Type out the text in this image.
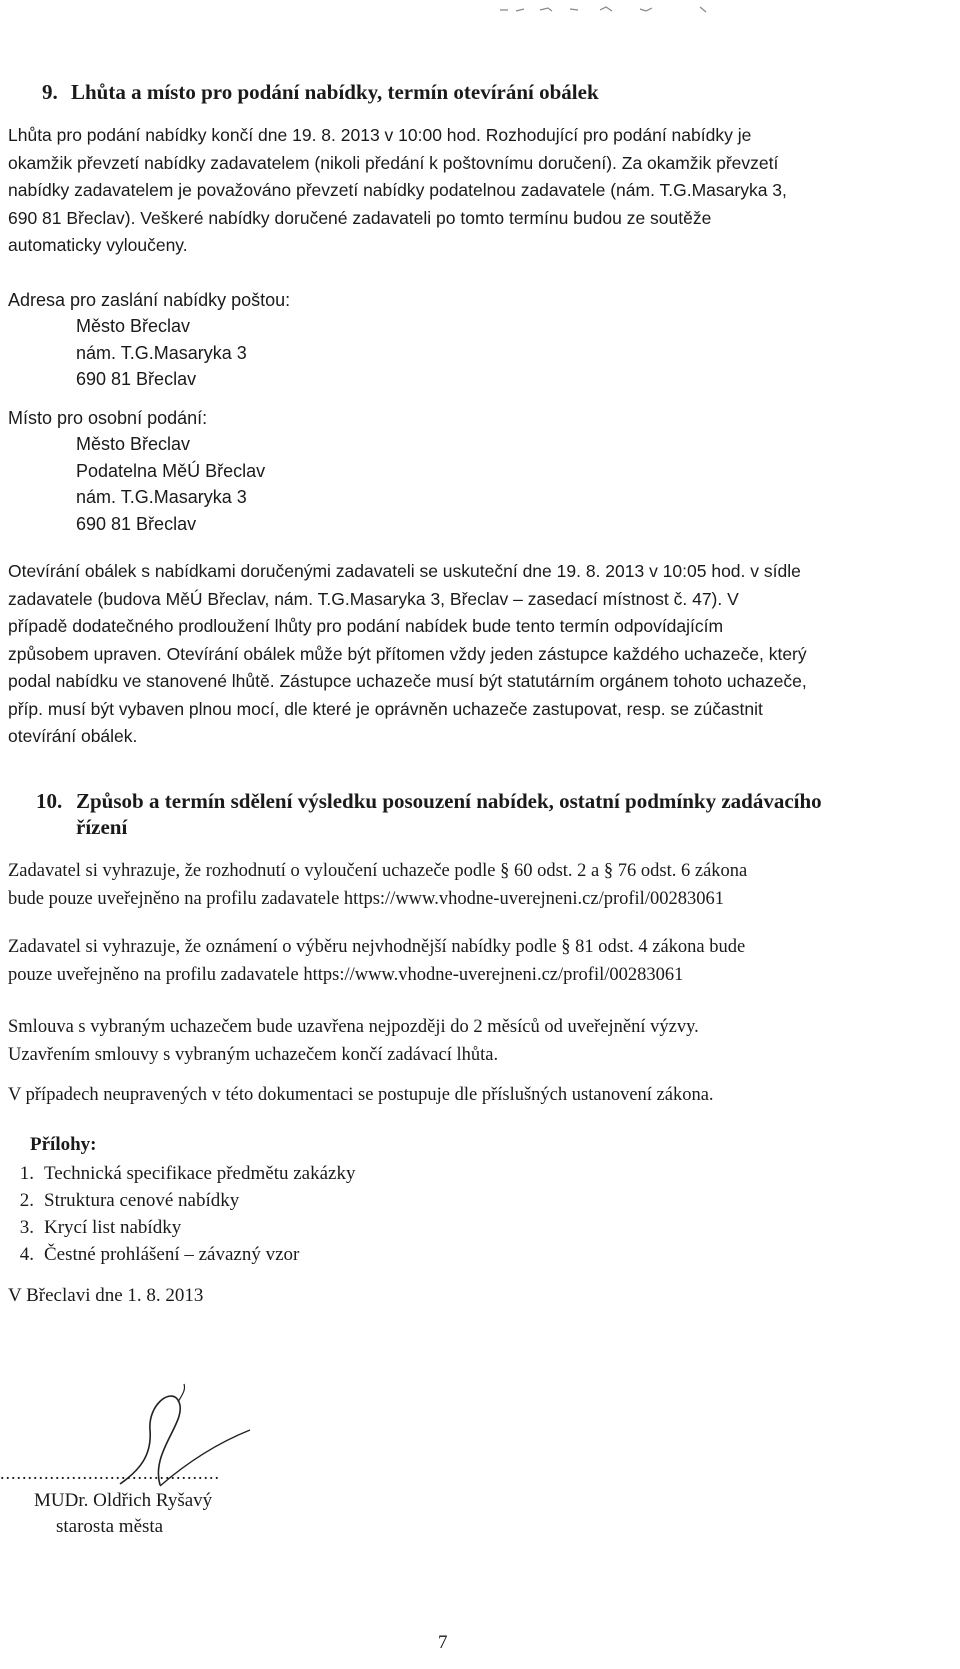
9. Lhůta a místo pro podání nabídky, termín otevírání obálek
Lhůta pro podání nabídky končí dne 19. 8. 2013 v 10:00 hod. Rozhodující pro podání nabídky je
okamžik převzetí nabídky zadavatelem (nikoli předání k poštovnímu doručení). Za okamžik převzetí
nabídky zadavatelem je považováno převzetí nabídky podatelnou zadavatele (nám. T.G.Masaryka 3,
690 81 Břeclav). Veškeré nabídky doručené zadavateli po tomto termínu budou ze soutěže
automaticky vyloučeny.
Adresa pro zaslání nabídky poštou:
Město Břeclav
nám. T.G.Masaryka 3
690 81 Břeclav
Místo pro osobní podání:
Město Břeclav
Podatelna MěÚ Břeclav
nám. T.G.Masaryka 3
690 81 Břeclav
Otevírání obálek s nabídkami doručenými zadavateli se uskuteční dne 19. 8. 2013 v 10:05 hod. v sídle
zadavatele (budova MěÚ Břeclav, nám. T.G.Masaryka 3, Břeclav – zasedací místnost č. 47). V
případě dodatečného prodloužení lhůty pro podání nabídek bude tento termín odpovídajícím
způsobem upraven. Otevírání obálek může být přítomen vždy jeden zástupce každého uchazeče, který
podal nabídku ve stanovené lhůtě. Zástupce uchazeče musí být statutárním orgánem tohoto uchazeče,
příp. musí být vybaven plnou mocí, dle které je oprávněn uchazeče zastupovat, resp. se zúčastnit
otevírání obálek.
10. Způsob a termín sdělení výsledku posouzení nabídek, ostatní podmínky zadávacího
řízení
Zadavatel si vyhrazuje, že rozhodnutí o vyloučení uchazeče podle § 60 odst. 2 a § 76 odst. 6 zákona
bude pouze uveřejněno na profilu zadavatele https://www.vhodne-uverejneni.cz/profil/00283061
Zadavatel si vyhrazuje, že oznámení o výběru nejvhodnější nabídky podle § 81 odst. 4 zákona bude
pouze uveřejněno na profilu zadavatele https://www.vhodne-uverejneni.cz/profil/00283061
Smlouva s vybraným uchazečem bude uzavřena nejpozději do 2 měsíců od uveřejnění výzvy.
Uzavřením smlouvy s vybraným uchazečem končí zadávací lhůta.
V případech neupravených v této dokumentaci se postupuje dle příslušných ustanovení zákona.
Přílohy:
1. Technická specifikace předmětu zakázky
2. Struktura cenové nabídky
3. Krycí list nabídky
4. Čestné prohlášení – závazný vzor
V Břeclavi dne 1. 8. 2013
........................................
MUDr. Oldřich Ryšavý
starosta města
7
